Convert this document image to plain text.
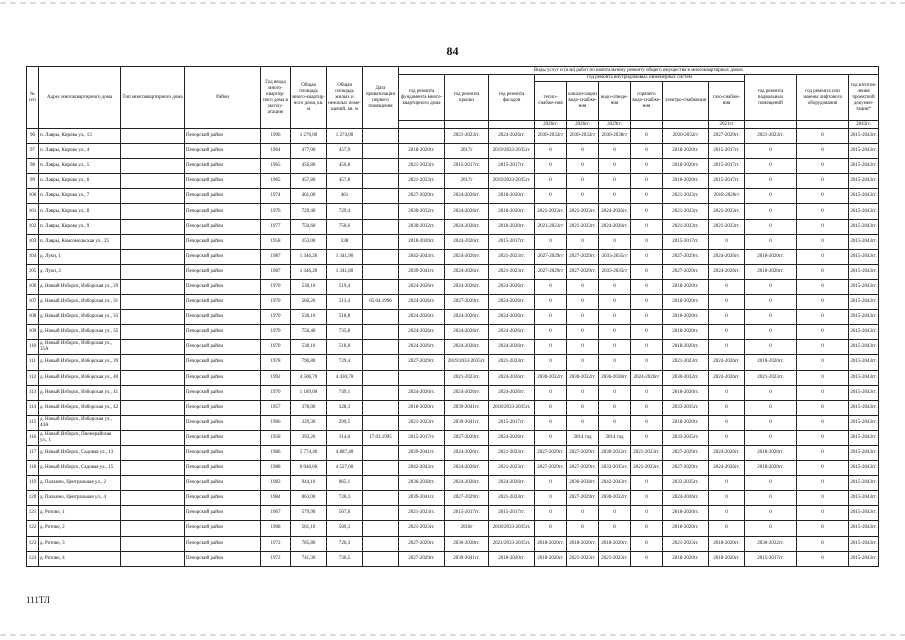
84
№ п/п	Адрес многоквартирного дома	Тип многоквартирного дома	Район	Год ввода много-квартир-ного дома в эксплу-атацию	Общая площадь много-квартир-ного дома, кв. м	Общая площадь жилых и нежилых поме-щений, кв. м	Дата приватизации первого помещения	Виды услуг и (или) работ по капитальному ремонту общего имущества в многоквартирных домах											
								год ремонта фундамента много-квартирного дома	год ремонта крыши	год ремонта фасадов	год ремонта внутридомовых инженерных систем						год ремонта подвальных помещений	год ремонта или замены лифтового оборудования	год изготов-ления проектной докумен-тации*
											тепло-снабже-ния	канали-зации водо-снабже-ния	водо-отведе-ния	горячего водо-снабже-ния	электро-снабжения	газо-снабже-ния			
											2026гг.	2026гг.	2029гг.			2021гг			2043гг.
96	п. Лавры, Кирова ул., 13		Печорский район	1996	1 276,00	1 274,00			2021-2023гг.	2024-2026гг.	2030-2032гг	2030-2032гг	2036-2038гг	0	2030-2032гг	2027-2029гг.	2021-2023гг.	0	2015-2043гг.
97	п. Лавры, Кирова ул., 4		Печорский район	1964	477,00	457,9		2018-2020гг.	2017г	2019/2033-2035гг.	0	0	0	0	2018-2020гг.	2015-2017гг.	0	0	2015-2043гг.
98	п. Лавры, Кирова ул., 5		Печорский район	1965	456,80	456,8		2021-2023гг.	2015-2017гг.	2015-2017гг.	0	0	0	0	2018-2020гг.	2015-2017гг.	0	0	2015-2043гг.
99	п. Лавры, Кирова ул., 6		Печорский район	1965	457,80	457,8		2021-2023гг.	2017г	2019/2033-2035гг.	0	0	0	0	2018-2020гг.	2015-2017гг.	0	0	2015-2043гг.
100	п. Лавры, Кирова ул., 7		Печорский район	1974	461,00	461		2027-2029гг.	2024-2026гг.	2018-2020гг.	0	0	0	0	2021-2023гг.	2018-2020гг	0	0	2015-2043гг.
101	п. Лавры, Кирова ул., 8		Печорский район	1976	729,40	729,4		2030-2032гг.	2024-2026гг.	2018-2020гг.	2021-2023гг.	2021-2023гг.	2024-2026гг.	0	2021-2023гг.	2021-2023гг.	0	0	2015-2043гг.
102	п. Лавры, Кирова ул., 9		Печорский район	1977	750,60	750,6		2030-2032гг.	2024-2026гг.	2018-2020гг.	2021-2023гг	2021-2023гг.	2024-2026гг.	0	2021-2023гг.	2021-2023гг.	0	0	2015-2043гг.
103	п. Лавры, Комсомольская ул., 25		Печорский район	1958	353,00	338		2018-2020гг.	2024-2026гг.	2015-2017гг.	0	0	0	0	2015-2017гг.	0	0	0	2015-2043гг.
104	д. Луки, 1		Печорский район	1987	1 346,20	1 341,90		2042-2043гг.	2024-2026гг.	2021-2023гг.	2027-2029гг	2027-2029гг.	2033-2035гг	0	2027-2029гг.	2024-2026гг.	2018-2020гг.	0	2015-2043гг.
105	д. Луки, 2		Печорский район	1987	1 346,20	1 341,80		2039-2041гг.	2024-2026гг.	2021-2023гг.	2027-2029гг	2027-2029гг.	2033-2035гг	0	2027-2029гг.	2024-2026гг.	2018-2020гг.	0	2015-2043гг.
106	д. Новый Изборск, Изборская ул., 29		Печорский район	1970	538,10	519,4		2024-2026гг.	2024-2026гг.	2024-2026гг.	0	0	0	0	2018-2020гг.	0	0	0	2015-2043гг.
107	д. Новый Изборск, Изборская ул., 31		Печорский район	1970	560,20	513,4	05.04.1996	2024-2026гг.	2027-2029гг.	2024-2026гг.	0	0	0	0	2018-2020гг.	0	0	0	2015-2043гг.
108	д. Новый Изборск, Изборская ул., 33		Печорский район	1970	538,10	518,8		2024-2026гг.	2024-2026гг.	2024-2026гг.	0	0	0	0	2018-2020гг.	0	0	0	2015-2043гг.
109	д. Новый Изборск, Изборская ул., 35		Печорский район	1970	756,40	735,8		2024-2026гг.	2024-2026гг.	2024-2026гг.	0	0	0	0	2018-2020гг.	0	0	0	2015-2043гг.
110	д. Новый Изборск, Изборская ул., 35А		Печорский район	1970	538,10	518,8		2024-2026гг.	2024-2026гг.	2024-2026гг.	0	0	0	0	2018-2020гг.	0	0	0	2015-2043гг.
111	д. Новый Изборск, Изборская ул., 39		Печорский район	1978	796,80	729,4		2027-2029гг.	2019/2033-2035гг.	2021-2023гг.	0	0	0	0	2021-2023гг.	2024-2026гг.	2018-2020гг.	0	2015-2043гг.
112	д. Новый Изборск, Изборская ул., 40		Печорский район	1992	4 506,70	4 430,70			2021-2023гг.	2024-2026гг.	2030-2032гг.	2030-2032гг.	2036-2038гг.	2024-2026гг	2030-2032гг.	2024-2026гг.	2021-2023гг.	0	2015-2043гг.
113	д. Новый Изборск, Изборская ул., 41		Печорский район	1970	1 189,00	749,1		2024-2026гг.	2024-2026гг.	2024-2026гг.	0	0	0	0	2018-2020гг.	0	0	0	2015-2043гг.
114	д. Новый Изборск, Изборская ул., 42		Печорский район	1957	378,00	328,3		2018-2020гг.	2039-2041гг.	2018/2033-2035гг.	0	0	0	0	2033-2035гг.	0	0	0	2015-2043гг.
115	д. Новый Изборск, Изборская ул., 44А		Печорский район	1966	329,30	299,5		2021-2023гг.	2039-2041гг.	2015-2017гг.	0	0	0	0	2018-2020гг.	0	0	0	2015-2043гг.
116	д. Новый Изборск, Пионерайская ул., 1		Печорский район	1958	393,20	314,6	17.03.1995	2015-2017гг.	2027-2029гг.	2024-2026гг.	0	2014 год	2014 год	0	2033-2035гг.	0	0	0	2015-2043гг.
117	д. Новый Изборск, Садовая ул., 13		Печорский район	1986	5 774,40	4 887,40		2039-2041гг.	2024-2026гг.	2021-2023гг.	2027-2029гг.	2027-2029гг.	2030-2032гг.	2021-2023гг.	2027-2029гг.	2024-2026гг.	2018-2020гг.	0	2015-2043гг.
118	д. Новый Изборск, Садовая ул., 15		Печорский район	1988	6 046,60	4 527,60		2042-2043гг.	2024-2026гг.	2021-2023гг.	2027-2029гг.	2027-2029гг.	2033-2035гг.	2021-2023гг.	2027-2029гг.	2024-2026гг.	2018-2020гг.	0	2015-2043гг.
119	д. Палкино, Центральная ул., 2		Печорский район	1983	944,10	865,1		2036-2038гг.	2024-2026гг.	2024-2026гг.	0	2036-2038гг.	2042-2043гг.	0	2033-2035гг.	0	0	0	2015-2043гг.
120	д. Палкино, Центральная ул., 4		Печорский район	1984	863,00	720,3		2039-2041гг.	2027-2029гг.	2021-2023гг.	0	2027-2029гг.	2030-2032гг.	0	2024-2026гг.	0	0	0	2015-2043гг.
121	д. Ротово, 1		Печорский район	1967	579,90	507,8		2021-2023гг.	2015-2017гг.	2015-2017гг.	0	0	0	0	2018-2020гг.	0	0	0	2015-2043гг.
122	д. Ротово, 2		Печорский район	1968	561,10	509,3		2021-2023гг.	2018г	2018/2033-2035гг.	0	0	0	0	2018-2020гг.	0	0	0	2015-2043гг.
123	д. Ротово, 3		Печорский район	1972	785,80	726,3		2027-2029гг.	2036-2038гг.	2021/2033-2035гг.	2018-2020гг.	2018-2020гг.	2018-2020гг.	0	2021-2023гг.	2018-2020гг.	2030-2032гг.	0	2015-2043гг.
124	д. Ротово, 4		Печорский район	1972	741,30	736,5		2027-2029гг.	2039-2041гг.	2018-2020гг.	2018-2020гг.	2021-2023гг.	2021-2023гг.	0	2018-2020гг.	2018-2020гг.	2015-2017гг.	0	2015-2043гг.
111ТЛ
